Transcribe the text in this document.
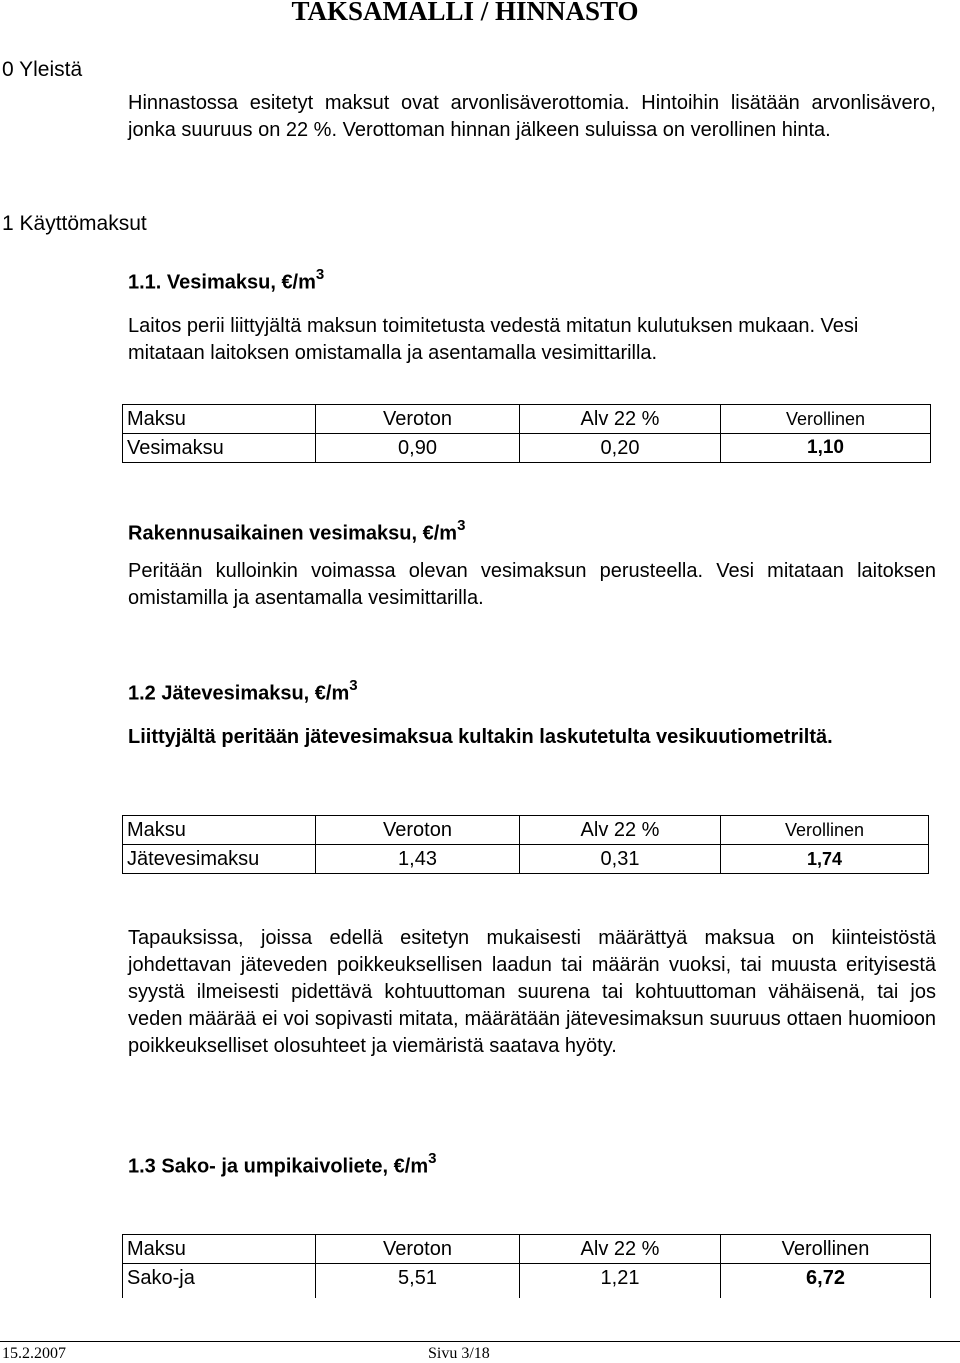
TAKSAMALLI / HINNASTO
0 Yleistä
Hinnastossa esitetyt maksut ovat arvonlisäverottomia. Hintoihin lisätään arvonlisävero, jonka suuruus on 22 %. Verottoman hinnan jälkeen suluissa on verollinen hinta.
1 Käyttömaksut
1.1. Vesimaksu, $€/m^3$
Laitos perii liittyjältä maksun toimitetusta vedestä mitatun kulutuksen mukaan. Vesi mitataan laitoksen omistamalla ja asentamalla vesimittarilla.
Maksu	Veroton	Alv 22 %	Verollinen
Vesimaksu	0,90	0,20	1,10
Rakennusaikainen vesimaksu, $€/m^3$
Peritään kulloinkin voimassa olevan vesimaksun perusteella. Vesi mitataan laitoksen omistamilla ja asentamalla vesimittarilla.
1.2 Jätevesimaksu, $€/m^3$
Liittyjältä peritään jätevesimaksua kultakin laskutetulta vesikuutiometriltä.
Maksu	Veroton	Alv 22 %	Verollinen
Jätevesimaksu	1,43	0,31	1,74
Tapauksissa, joissa edellä esitetyn mukaisesti määrättyä maksua on kiinteistöstä johdettavan jäteveden poikkeuksellisen laadun tai määrän vuoksi, tai muusta erityisestä syystä ilmeisesti pidettävä kohtuuttoman suurena tai kohtuuttoman vähäisenä, tai jos veden määrää ei voi sopivasti mitata, määrätään jätevesimaksun suuruus ottaen huomioon poikkeukselliset olosuhteet ja viemäristä saatava hyöty.
1.3 Sako- ja umpikaivoliete, $€/m^3$
Maksu	Veroton	Alv 22 %	Verollinen
Sako-ja	5,51	1,21	6,72
15.2.2007	Sivu 3/18
